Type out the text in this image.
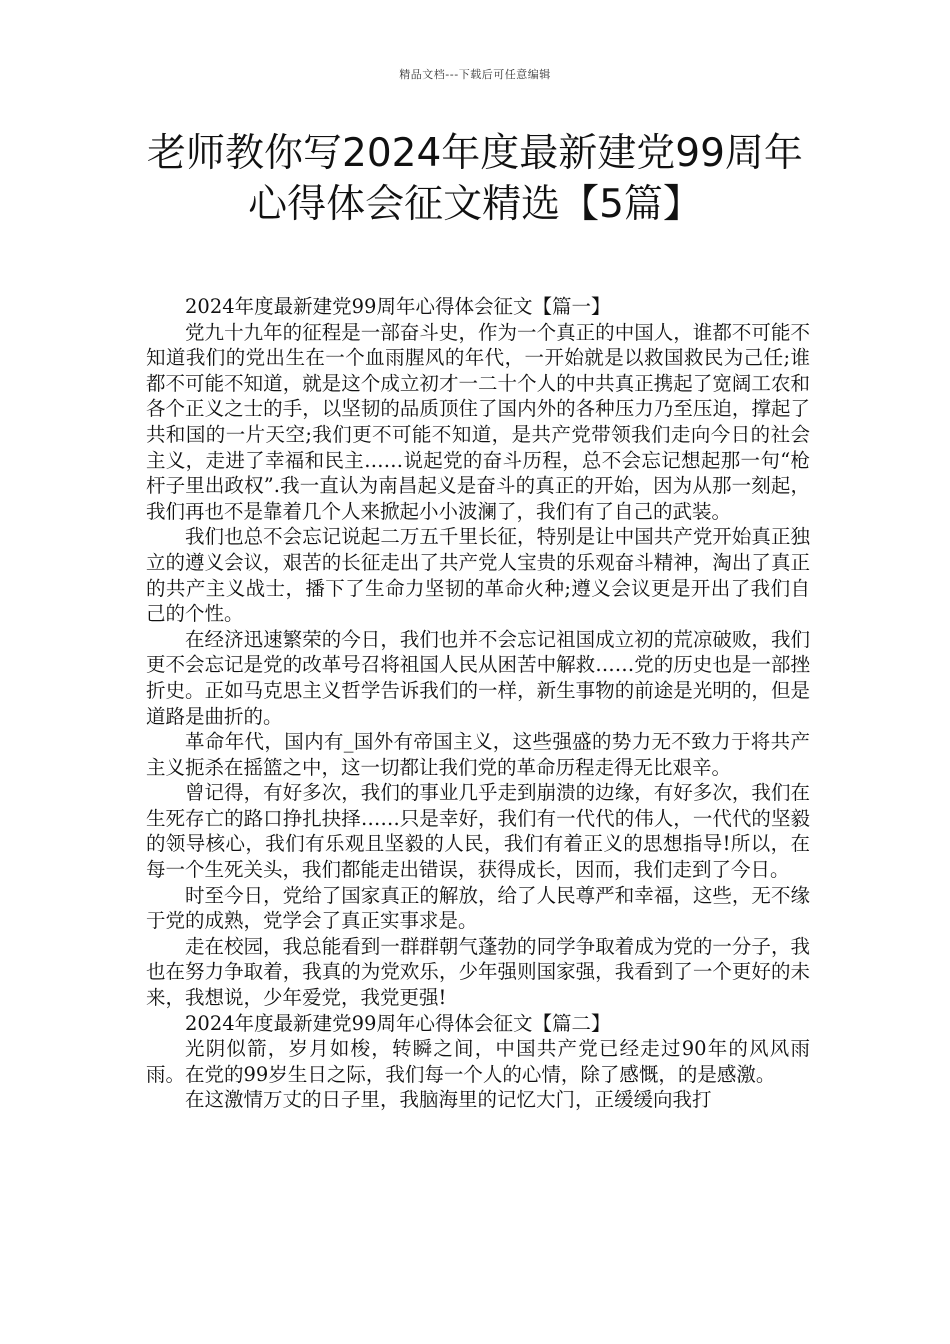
精品文档---下载后可任意编辑
老师教你写2024年度最新建党99周年
心得体会征文精选【5篇】

2024年度最新建党99周年心得体会征文【篇一】

党九十九年的征程是一部奋斗史，作为一个真正的中国人，谁都不可能不知道我们的党出生在一个血雨腥风的年代，一开始就是以救国救民为己任;谁都不可能不知道，就是这个成立初才一二十个人的中共真正携起了宽阔工农和各个正义之士的手，以坚韧的品质顶住了国内外的各种压力乃至压迫，撑起了共和国的一片天空;我们更不可能不知道，是共产党带领我们走向今日的社会主义，走进了幸福和民主……说起党的奋斗历程，总不会忘记想起那一句“枪杆子里出政权”.我一直认为南昌起义是奋斗的真正的开始，因为从那一刻起，我们再也不是靠着几个人来掀起小小波澜了，我们有了自己的武装。

我们也总不会忘记说起二万五千里长征，特别是让中国共产党开始真正独立的遵义会议，艰苦的长征走出了共产党人宝贵的乐观奋斗精神，淘出了真正的共产主义战士，播下了生命力坚韧的革命火种;遵义会议更是开出了我们自己的个性。

在经济迅速繁荣的今日，我们也并不会忘记祖国成立初的荒凉破败，我们更不会忘记是党的改革号召将祖国人民从困苦中解救……党的历史也是一部挫折史。正如马克思主义哲学告诉我们的一样，新生事物的前途是光明的，但是道路是曲折的。

革命年代，国内有_国外有帝国主义，这些强盛的势力无不致力于将共产主义扼杀在摇篮之中，这一切都让我们党的革命历程走得无比艰辛。

曾记得，有好多次，我们的事业几乎走到崩溃的边缘，有好多次，我们在生死存亡的路口挣扎抉择……只是幸好，我们有一代代的伟人，一代代的坚毅的领导核心，我们有乐观且坚毅的人民，我们有着正义的思想指导!所以，在每一个生死关头，我们都能走出错误，获得成长，因而，我们走到了今日。

时至今日，党给了国家真正的解放，给了人民尊严和幸福，这些，无不缘于党的成熟，党学会了真正实事求是。

走在校园，我总能看到一群群朝气蓬勃的同学争取着成为党的一分子，我也在努力争取着，我真的为党欢乐，少年强则国家强，我看到了一个更好的未来，我想说，少年爱党，我党更强!

2024年度最新建党99周年心得体会征文【篇二】

光阴似箭，岁月如梭，转瞬之间，中国共产党已经走过90年的风风雨雨。在党的99岁生日之际，我们每一个人的心情，除了感慨，的是感激。

在这激情万丈的日子里，我脑海里的记忆大门，正缓缓向我打
